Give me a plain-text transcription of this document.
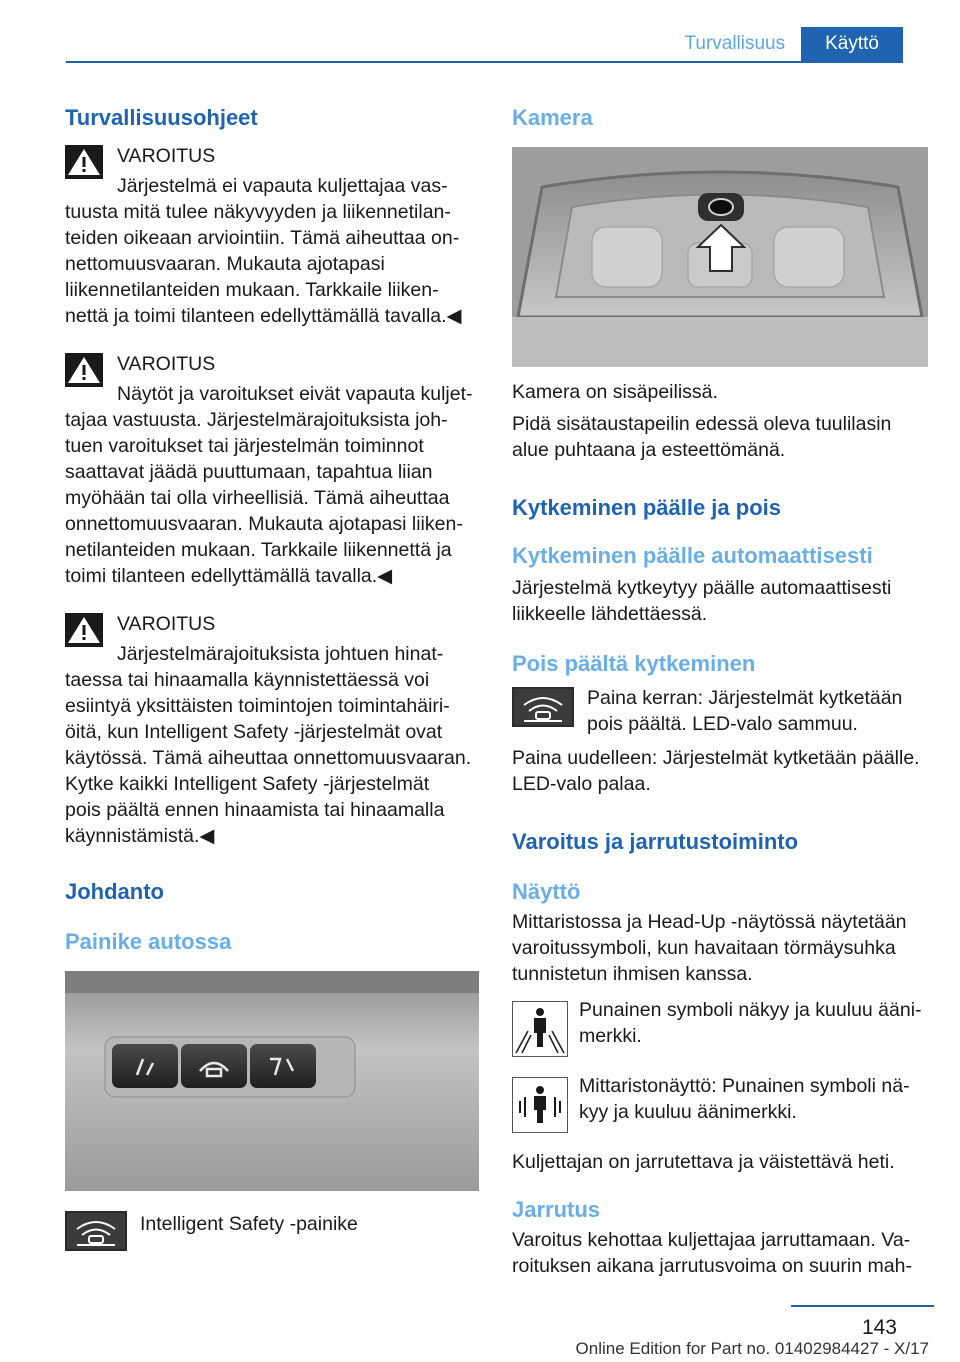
Turvallisuus	Käyttö
Turvallisuusohjeet

VAROITUS

Järjestelmä ei vapauta kuljettajaa vas-

tuusta mitä tulee näkyvyyden ja liikennetilan-

teiden oikeaan arviointiin. Tämä aiheuttaa on-

nettomuusvaaran. Mukauta ajotapasi

liikennetilanteiden mukaan. Tarkkaile liiken-

nettä ja toimi tilanteen edellyttämällä tavalla.◀

VAROITUS

Näytöt ja varoitukset eivät vapauta kuljet-

tajaa vastuusta. Järjestelmärajoituksista joh-

tuen varoitukset tai järjestelmän toiminnot

saattavat jäädä puuttumaan, tapahtua liian

myöhään tai olla virheellisiä. Tämä aiheuttaa

onnettomuusvaaran. Mukauta ajotapasi liiken-

netilanteiden mukaan. Tarkkaile liikennettä ja

toimi tilanteen edellyttämällä tavalla.◀

VAROITUS

Järjestelmärajoituksista johtuen hinat-

taessa tai hinaamalla käynnistettäessä voi

esiintyä yksittäisten toimintojen toimintahäiri-

öitä, kun Intelligent Safety -järjestelmät ovat

käytössä. Tämä aiheuttaa onnettomuusvaaran.

Kytke kaikki Intelligent Safety -järjestelmät

pois päältä ennen hinaamista tai hinaamalla

käynnistämistä.◀

Johdanto
Painike autossa

Intelligent Safety -painike

Kamera

Kamera on sisäpeilissä.

Pidä sisätaustapeilin edessä oleva tuulilasin

alue puhtaana ja esteettömänä.

Kytkeminen päälle ja pois
Kytkeminen päälle automaattisesti

Järjestelmä kytkeytyy päälle automaattisesti

liikkeelle lähdettäessä.

Pois päältä kytkeminen

Paina kerran: Järjestelmät kytketään

pois päältä. LED-valo sammuu.

Paina uudelleen: Järjestelmät kytketään päälle.

LED-valo palaa.

Varoitus ja jarrutustoiminto
Näyttö

Mittaristossa ja Head-Up -näytössä näytetään

varoitussymboli, kun havaitaan törmäysuhka

tunnistetun ihmisen kanssa.

Punainen symboli näkyy ja kuuluu ääni-

merkki.

Mittaristonäyttö: Punainen symboli nä-

kyy ja kuuluu äänimerkki.

Kuljettajan on jarrutettava ja väistettävä heti.

Jarrutus

Varoitus kehottaa kuljettajaa jarruttamaan. Va-

roituksen aikana jarrutusvoima on suurin mah-

143
Online Edition for Part no. 01402984427 - X/17
